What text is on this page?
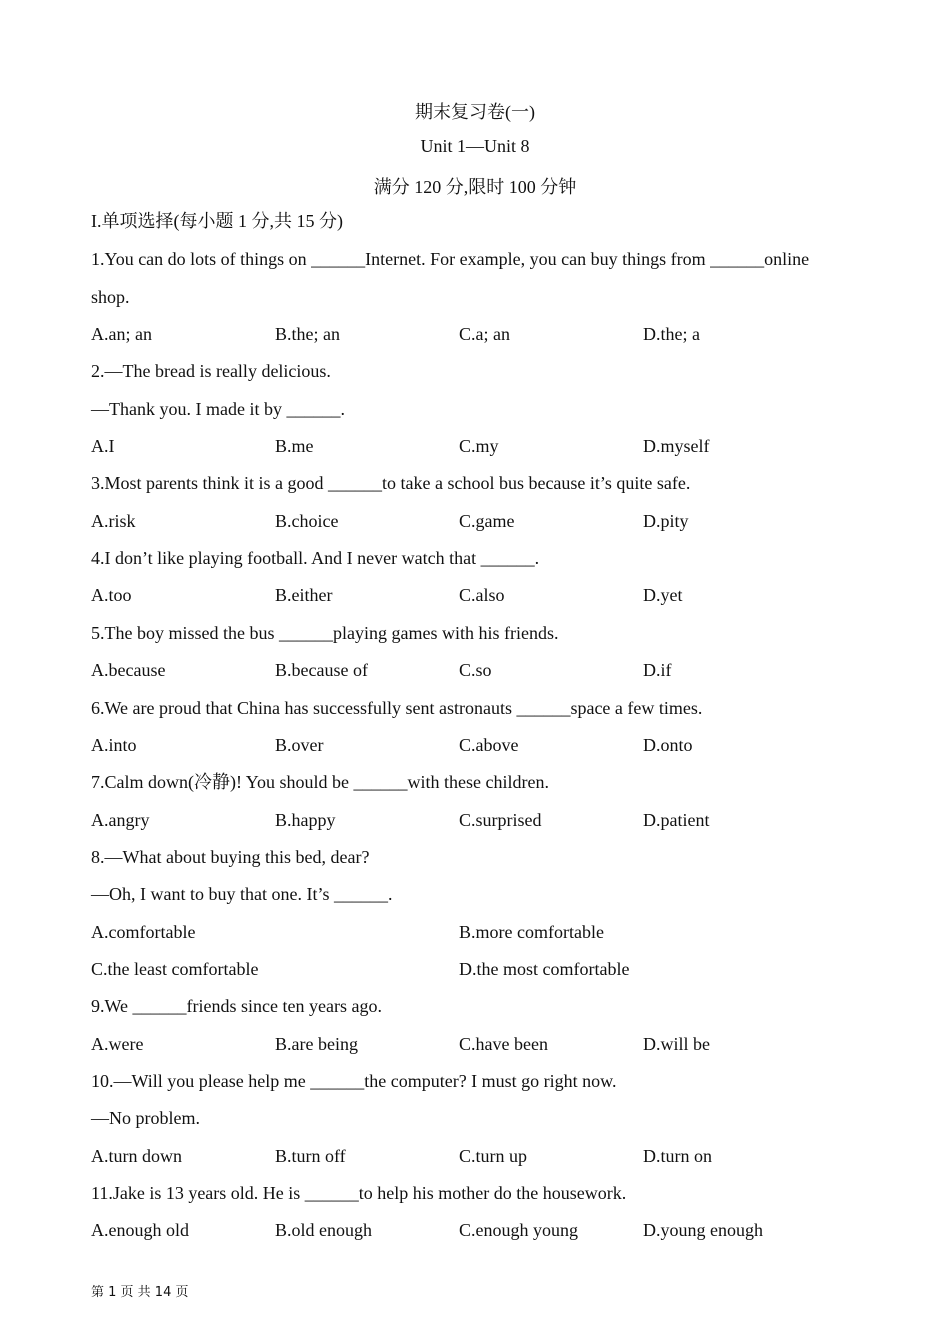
期末复习卷(一)
Unit 1—Unit 8
满分 120 分,限时 100 分钟
I.单项选择(每小题 1 分,共 15 分)
1.You can do lots of things on ______Internet. For example, you can buy things from ______online
shop.
A.an; an	B.the; an	C.a; an	D.the; a
2.—The bread is really delicious.
—Thank you. I made it by ______.
A.I	B.me	C.my	D.myself
3.Most parents think it is a good ______to take a school bus because it’s quite safe.
A.risk	B.choice	C.game	D.pity
4.I don’t like playing football. And I never watch that ______.
A.too	B.either	C.also	D.yet
5.The boy missed the bus ______playing games with his friends.
A.because	B.because of	C.so	D.if
6.We are proud that China has successfully sent astronauts ______space a few times.
A.into	B.over	C.above	D.onto
7.Calm down(冷静)! You should be ______with these children.
A.angry	B.happy	C.surprised	D.patient
8.—What about buying this bed, dear?
—Oh, I want to buy that one. It’s ______.
A.comfortable	B.more comfortable
C.the least comfortable	D.the most comfortable
9.We ______friends since ten years ago.
A.were	B.are being	C.have been	D.will be
10.—Will you please help me ______the computer? I must go right now.
—No problem.
A.turn down	B.turn off	C.turn up	D.turn on
11.Jake is 13 years old. He is ______to help his mother do the housework.
A.enough old	B.old enough	C.enough young	D.young enough
第 1 页 共 14 页
